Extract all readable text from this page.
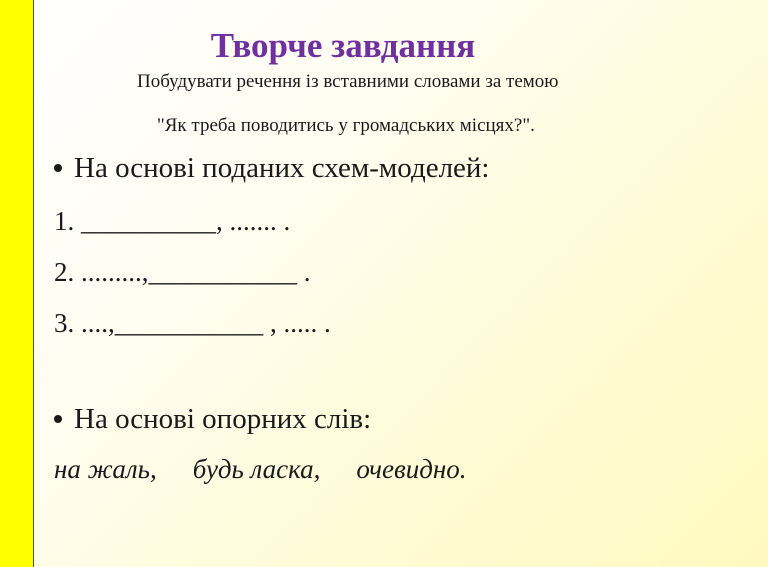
Творче завдання
Побудувати речення із вставними словами за темою
"Як треба поводитись у громадських місцях?".
На основі поданих схем-моделей:
1. __________, ....... .
2. .........,___________ .
3. ....,___________ , ..... .
На основі опорних слів:
на жаль, будь ласка, очевидно.
